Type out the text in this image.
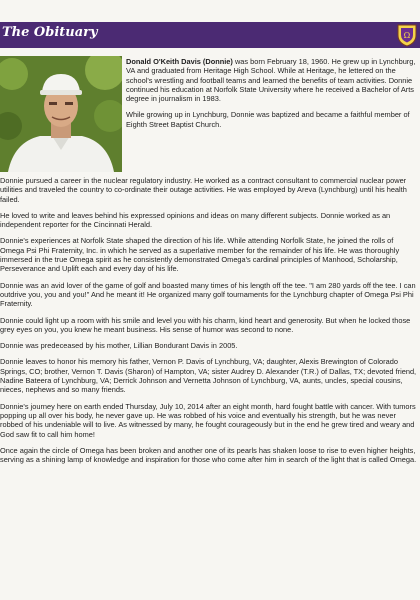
The Obituary	Ω

Donald O'Keith Davis (Donnie) was born February 18, 1960. He grew up in Lynchburg, VA and graduated from Heritage High School. While at Heritage, he lettered on the school's wrestling and football teams and learned the benefits of team activities. Donnie continued his education at Norfolk State University where he received a Bachelor of Arts degree in journalism in 1983.

While growing up in Lynchburg, Donnie was baptized and became a faithful member of Eighth Street Baptist Church.

Donnie pursued a career in the nuclear regulatory industry. He worked as a contract consultant to commercial nuclear power utilities and traveled the country to co-ordinate their outage activities. He was employed by Areva (Lynchburg) until his health failed.

He loved to write and leaves behind his expressed opinions and ideas on many different subjects. Donnie worked as an independent reporter for the Cincinnati Herald.

Donnie's experiences at Norfolk State shaped the direction of his life. While attending Norfolk State, he joined the rolls of Omega Psi Phi Fraternity, Inc. in which he served as a superlative member for the remainder of his life. He was thoroughly immersed in the true Omega spirit as he consistently demonstrated Omega's cardinal principles of Manhood, Scholarship, Perseverance and Uplift each and every day of his life.

Donnie was an avid lover of the game of golf and boasted many times of his length off the tee. "I am 280 yards off the tee. I can outdrive you, you and you!" And he meant it! He organized many golf tournaments for the Lynchburg chapter of Omega Psi Phi Fraternity.

Donnie could light up a room with his smile and level you with his charm, kind heart and generosity. But when he locked those grey eyes on you, you knew he meant business. His sense of humor was second to none.

Donnie was predeceased by his mother, Lillian Bondurant Davis in 2005.

Donnie leaves to honor his memory his father, Vernon P. Davis of Lynchburg, VA; daughter, Alexis Brewington of Colorado Springs, CO; brother, Vernon T. Davis (Sharon) of Hampton, VA; sister Audrey D. Alexander (T.R.) of Dallas, TX; devoted friend, Nadine Bateera of Lynchburg, VA; Derrick Johnson and Vernetta Johnson of Lynchburg, VA, aunts, uncles, special cousins, nieces, nephews and so many friends.

Donnie's journey here on earth ended Thursday, July 10, 2014 after an eight month, hard fought battle with cancer. With tumors popping up all over his body, he never gave up. He was robbed of his voice and eventually his strength, but he was never robbed of his undeniable will to live. As witnessed by many, he fought courageously but in the end he grew tired and weary and God saw fit to call him home!

Once again the circle of Omega has been broken and another one of its pearls has shaken loose to rise to even higher heights, serving as a shining lamp of knowledge and inspiration for those who come after him in search of the light that is called Omega.
